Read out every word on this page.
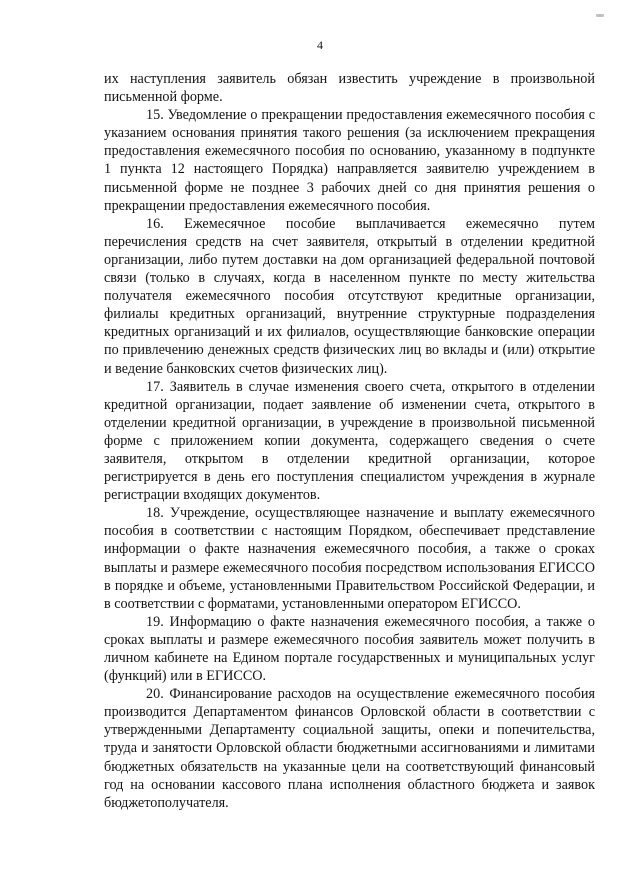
4

их наступления заявитель обязан известить учреждение в произвольной письменной форме.

15. Уведомление о прекращении предоставления ежемесячного пособия с указанием основания принятия такого решения (за исключением прекращения предоставления ежемесячного пособия по основанию, указанному в подпункте 1 пункта 12 настоящего Порядка) направляется заявителю учреждением в письменной форме не позднее 3 рабочих дней со дня принятия решения о прекращении предоставления ежемесячного пособия.

16. Ежемесячное пособие выплачивается ежемесячно путем перечисления средств на счет заявителя, открытый в отделении кредитной организации, либо путем доставки на дом организацией федеральной почтовой связи (только в случаях, когда в населенном пункте по месту жительства получателя ежемесячного пособия отсутствуют кредитные организации, филиалы кредитных организаций, внутренние структурные подразделения кредитных организаций и их филиалов, осуществляющие банковские операции по привлечению денежных средств физических лиц во вклады и (или) открытие и ведение банковских счетов физических лиц).

17. Заявитель в случае изменения своего счета, открытого в отделении кредитной организации, подает заявление об изменении счета, открытого в отделении кредитной организации, в учреждение в произвольной письменной форме с приложением копии документа, содержащего сведения о счете заявителя, открытом в отделении кредитной организации, которое регистрируется в день его поступления специалистом учреждения в журнале регистрации входящих документов.

18. Учреждение, осуществляющее назначение и выплату ежемесячного пособия в соответствии с настоящим Порядком, обеспечивает представление информации о факте назначения ежемесячного пособия, а также о сроках выплаты и размере ежемесячного пособия посредством использования ЕГИССО в порядке и объеме, установленными Правительством Российской Федерации, и в соответствии с форматами, установленными оператором ЕГИССО.

19. Информацию о факте назначения ежемесячного пособия, а также о сроках выплаты и размере ежемесячного пособия заявитель может получить в личном кабинете на Едином портале государственных и муниципальных услуг (функций) или в ЕГИССО.

20. Финансирование расходов на осуществление ежемесячного пособия производится Департаментом финансов Орловской области в соответствии с утвержденными Департаменту социальной защиты, опеки и попечительства, труда и занятости Орловской области бюджетными ассигнованиями и лимитами бюджетных обязательств на указанные цели на соответствующий финансовый год на основании кассового плана исполнения областного бюджета и заявок бюджетополучателя.
